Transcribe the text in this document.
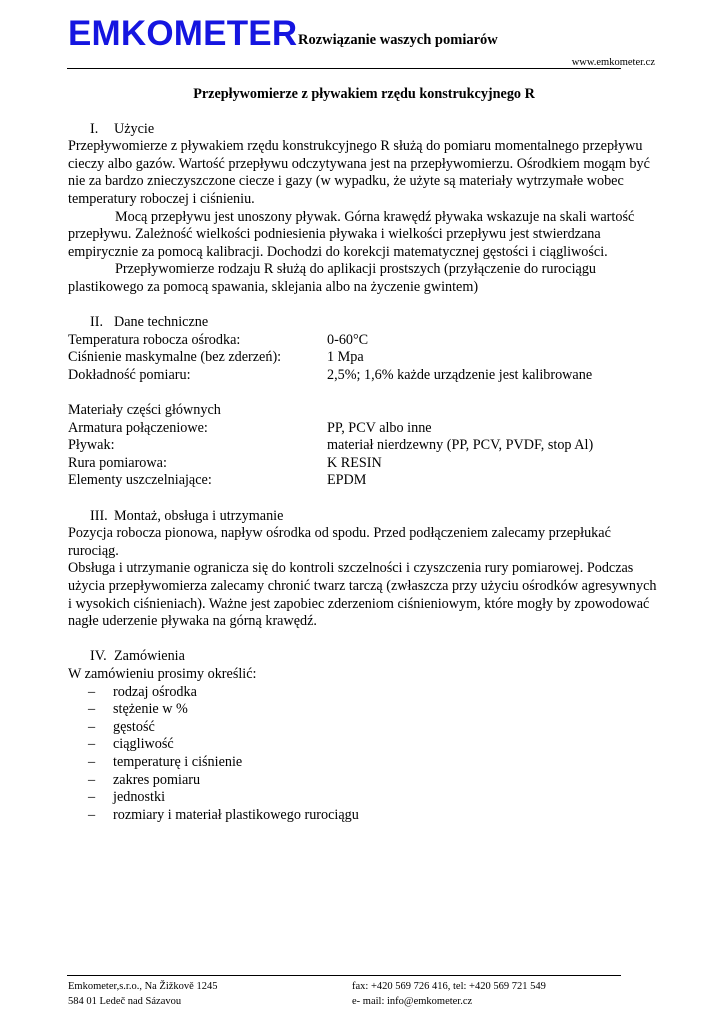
EMKOMETER Rozwiązanie waszych pomiarów
www.emkometer.cz

Przepływomierze z pływakiem rzędu konstrukcyjnego R

I. Użycie

Przepływomierze z pływakiem rzędu konstrukcyjnego R służą do pomiaru momentalnego przepływu cieczy albo gazów. Wartość przepływu odczytywana jest na przepływomierzu. Ośrodkiem mogąm być nie za bardzo znieczyszczone ciecze i gazy (w wypadku, że użyte są materiały wytrzymałe wobec temperatury roboczej i ciśnieniu.

Mocą przepływu jest unoszony pływak. Górna krawędź pływaka wskazuje na skali wartość przepływu. Zależność wielkości podniesienia pływaka i wielkości przepływu jest stwierdzana empirycznie za pomocą kalibracji. Dochodzi do korekcji matematycznej gęstości i ciągliwości.

Przepływomierze rodzaju R służą do aplikacji prostszych (przyłączenie do rurociągu plastikowego za pomocą spawania, sklejania albo na życzenie gwintem)

II. Dane techniczne

Temperatura robocza ośrodka:	0-60°C
Ciśnienie maskymalne (bez zderzeń):	1 Mpa
Dokładność pomiaru:	2,5%; 1,6% każde urządzenie jest kalibrowane

Materiały części głównych

Armatura połączeniowe:	PP, PCV albo inne
Pływak:	materiał nierdzewny (PP, PCV, PVDF, stop Al)
Rura pomiarowa:	K RESIN
Elementy uszczelniające:	EPDM

III. Montaż, obsługa i utrzymanie

Pozycja robocza pionowa, napływ ośrodka od spodu. Przed podłączeniem zalecamy przepłukać rurociąg.

Obsługa i utrzymanie ogranicza się do kontroli szczelności i czyszczenia rury pomiarowej. Podczas użycia przepływomierza zalecamy chronić twarz tarczą (zwłaszcza przy użyciu ośrodków agresywnych i wysokich ciśnieniach). Ważne jest zapobiec zderzeniom ciśnieniowym, które mogły by zpowodować nagłe uderzenie pływaka na górną krawędź.

IV. Zamówienia

W zamówieniu prosimy określić:

– rodzaj ośrodka
– stężenie w %
– gęstość
– ciągliwość
– temperaturę i ciśnienie
– zakres pomiaru
– jednostki
– rozmiary i materiał plastikowego rurociągu
Emkometer,s.r.o., Na Žižkově 1245
584 01 Ledeč nad Sázavou
fax: +420 569 726 416, tel: +420 569 721 549
e- mail: info@emkometer.cz
